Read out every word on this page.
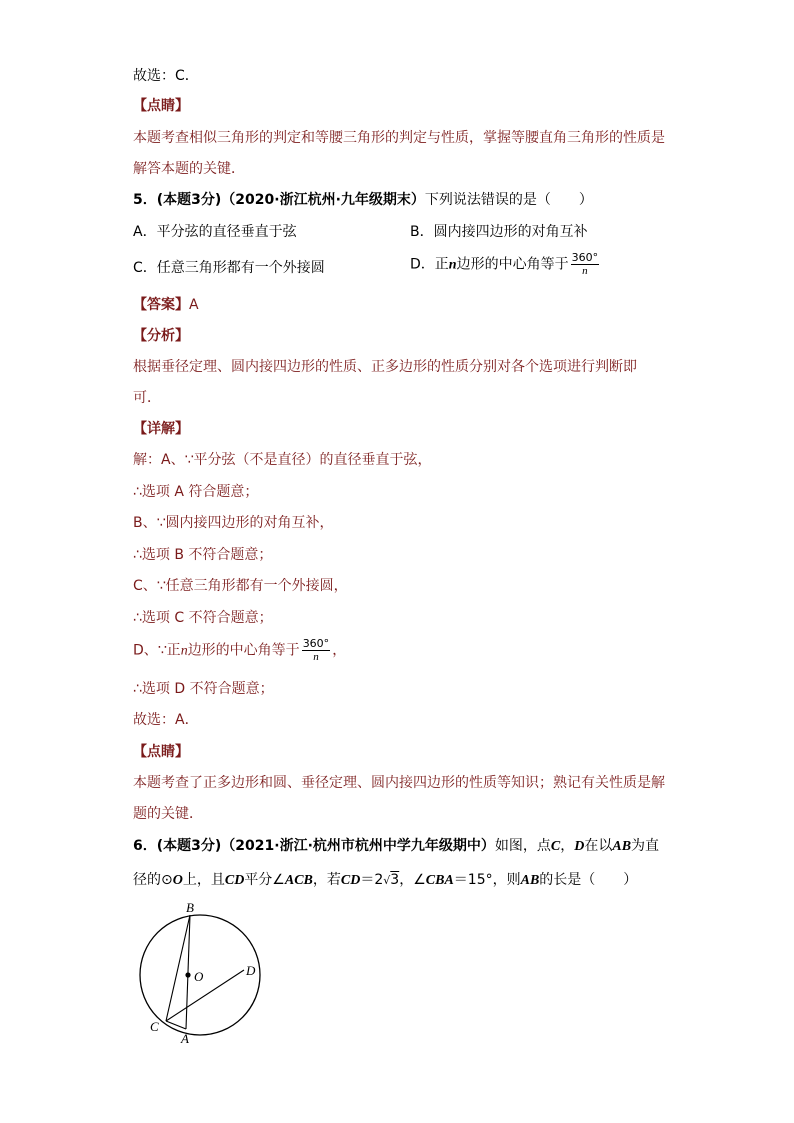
故选：C．
【点睛】
本题考查相似三角形的判定和等腰三角形的判定与性质，掌握等腰直角三角形的性质是
解答本题的关键．
5．(本题3分)（2020·浙江杭州·九年级期末）下列说法错误的是（　　）
A．平分弦的直径垂直于弦	B．圆内接四边形的对角互补
C．任意三角形都有一个外接圆	D．正n边形的中心角等于 $\frac{360^\circ}{n}$
【答案】A
【分析】
根据垂径定理、圆内接四边形的性质、正多边形的性质分别对各个选项进行判断即
可．
【详解】
解：A、∵平分弦（不是直径）的直径垂直于弦，
∴选项 A 符合题意；
B、∵圆内接四边形的对角互补，
∴选项 B 不符合题意；
C、∵任意三角形都有一个外接圆，
∴选项 C 不符合题意；
D、∵正n边形的中心角等于 $\frac{360^\circ}{n}$ ，
∴选项 D 不符合题意；
故选：A．
【点睛】
本题考查了正多边形和圆、垂径定理、圆内接四边形的性质等知识；熟记有关性质是解
题的关键．
6．(本题3分)（2021·浙江·杭州市杭州中学九年级期中）如图，点C，D在以AB为直
径的⊙O上，且CD平分∠ACB，若CD＝2√3，∠CBA＝15°，则AB的长是（　　）
B
O	D
C
A
